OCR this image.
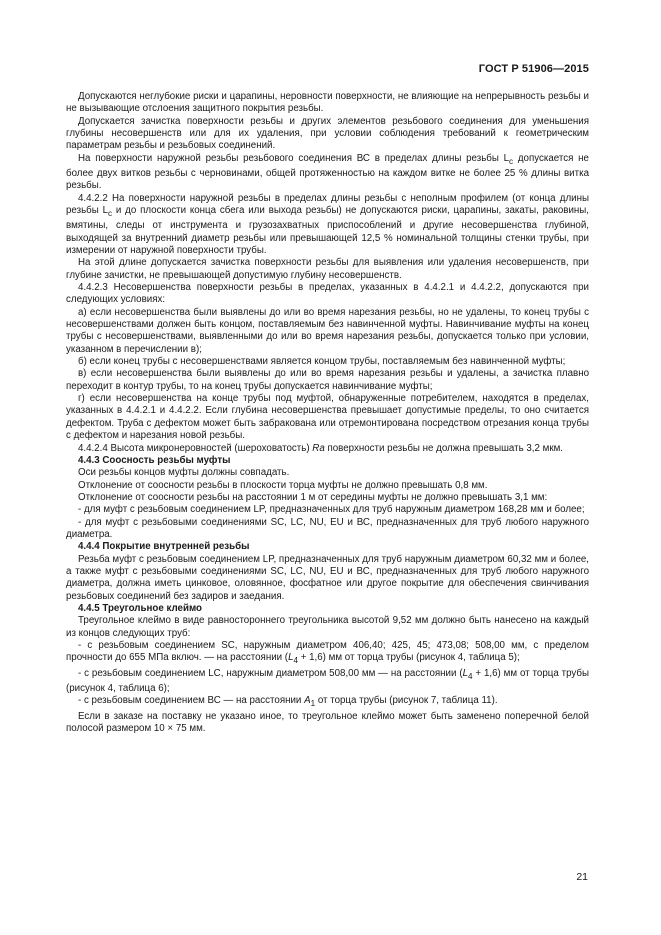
ГОСТ Р 51906—2015

Допускаются неглубокие риски и царапины, неровности поверхности, не влияющие на непрерывность резьбы и не вызывающие отслоения защитного покрытия резьбы.

Допускается зачистка поверхности резьбы и других элементов резьбового соединения для уменьшения глубины несовершенств или для их удаления, при условии соблюдения требований к геометрическим параметрам резьбы и резьбовых соединений.

На поверхности наружной резьбы резьбового соединения ВС в пределах длины резьбы $L_c$ допускается не более двух витков резьбы с черновинами, общей протяженностью на каждом витке не более 25 % длины витка резьбы.

4.4.2.2 На поверхности наружной резьбы в пределах длины резьбы с неполным профилем (от конца длины резьбы $L_c$ и до плоскости конца сбега или выхода резьбы) не допускаются риски, царапины, закаты, раковины, вмятины, следы от инструмента и грузозахватных приспособлений и другие несовершенства глубиной, выходящей за внутренний диаметр резьбы или превышающей 12,5 % номинальной толщины стенки трубы, при измерении от наружной поверхности трубы.

На этой длине допускается зачистка поверхности резьбы для выявления или удаления несовершенств, при глубине зачистки, не превышающей допустимую глубину несовершенств.

4.4.2.3 Несовершенства поверхности резьбы в пределах, указанных в 4.4.2.1 и 4.4.2.2, допускаются при следующих условиях:

а) если несовершенства были выявлены до или во время нарезания резьбы, но не удалены, то конец трубы с несовершенствами должен быть концом, поставляемым без навинченной муфты. Навинчивание муфты на конец трубы с несовершенствами, выявленными до или во время нарезания резьбы, допускается только при условии, указанном в перечислении в);

б) если конец трубы с несовершенствами является концом трубы, поставляемым без навинченной муфты;

в) если несовершенства были выявлены до или во время нарезания резьбы и удалены, а зачистка плавно переходит в контур трубы, то на конец трубы допускается навинчивание муфты;

г) если несовершенства на конце трубы под муфтой, обнаруженные потребителем, находятся в пределах, указанных в 4.4.2.1 и 4.4.2.2. Если глубина несовершенства превышает допустимые пределы, то оно считается дефектом. Труба с дефектом может быть забракована или отремонтирована посредством отрезания конца трубы с дефектом и нарезания новой резьбы.

4.4.2.4 Высота микронеровностей (шероховатость) Ra поверхности резьбы не должна превышать 3,2 мкм.

4.4.3 Соосность резьбы муфты

Оси резьбы концов муфты должны совпадать.

Отклонение от соосности резьбы в плоскости торца муфты не должно превышать 0,8 мм.

Отклонение от соосности резьбы на расстоянии 1 м от середины муфты не должно превышать 3,1 мм:

- для муфт с резьбовым соединением LP, предназначенных для труб наружным диаметром 168,28 мм и более;

- для муфт с резьбовыми соединениями SC, LC, NU, EU и ВС, предназначенных для труб любого наружного диаметра.

4.4.4 Покрытие внутренней резьбы

Резьба муфт с резьбовым соединением LP, предназначенных для труб наружным диаметром 60,32 мм и более, а также муфт с резьбовыми соединениями SC, LC, NU, EU и ВС, предназначенных для труб любого наружного диаметра, должна иметь цинковое, оловянное, фосфатное или другое покрытие для обеспечения свинчивания резьбовых соединений без задиров и заедания.

4.4.5 Треугольное клеймо

Треугольное клеймо в виде равностороннего треугольника высотой 9,52 мм должно быть нанесено на каждый из концов следующих труб:

- с резьбовым соединением SC, наружным диаметром 406,40; 425, 45; 473,08; 508,00 мм, с пределом прочности до 655 МПа включ. — на расстоянии $(L_4 + 1,6)$ мм от торца трубы (рисунок 4, таблица 5);

- с резьбовым соединением LC, наружным диаметром 508,00 мм — на расстоянии $(L_4 + 1,6)$ мм от торца трубы (рисунок 4, таблица 6);

- с резьбовым соединением ВС — на расстоянии $A_1$ от торца трубы (рисунок 7, таблица 11).

Если в заказе на поставку не указано иное, то треугольное клеймо может быть заменено поперечной белой полосой размером 10 × 75 мм.

21
